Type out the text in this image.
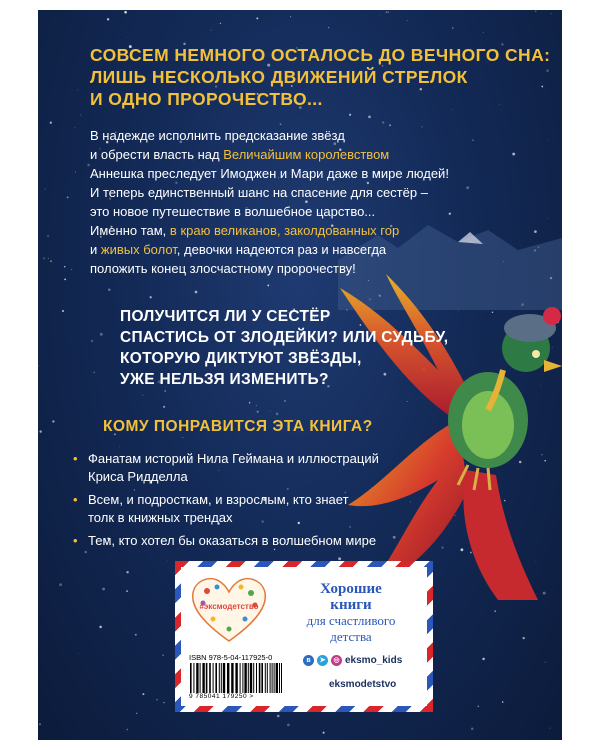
СОВСЕМ НЕМНОГО ОСТАЛОСЬ ДО ВЕЧНОГО СНА:
ЛИШЬ НЕСКОЛЬКО ДВИЖЕНИЙ СТРЕЛОК
И ОДНО ПРОРОЧЕСТВО...
В надежде исполнить предсказание звёзд
и обрести власть над Величайшим королевством
Аннешка преследует Имоджен и Мари даже в мире людей!
И теперь единственный шанс на спасение для сестёр –
это новое путешествие в волшебное царство...
Именно там, в краю великанов, заколдованных гор
и живых болот, девочки надеются раз и навсегда
положить конец злосчастному пророчеству!
ПОЛУЧИТСЯ ЛИ У СЕСТЁР
СПАСТИСЬ ОТ ЗЛОДЕЙКИ? ИЛИ СУДЬБУ,
КОТОРУЮ ДИКТУЮТ ЗВЁЗДЫ,
УЖЕ НЕЛЬЗЯ ИЗМЕНИТЬ?
КОМУ ПОНРАВИТСЯ ЭТА КНИГА?
• Фанатам историй Нила Геймана и иллюстраций
Криса Ридделла
• Всем, и подросткам, и взрослым, кто знает
толк в книжных трендах
• Тем, кто хотел бы оказаться в волшебном мире
#эксмодетство
Хорошие
книги
для счастливого
детства
ISBN 978-5-04-117925-0
9 785041 179250 >
в	➤	◎ eksmo_kids
eksmodetstvo
